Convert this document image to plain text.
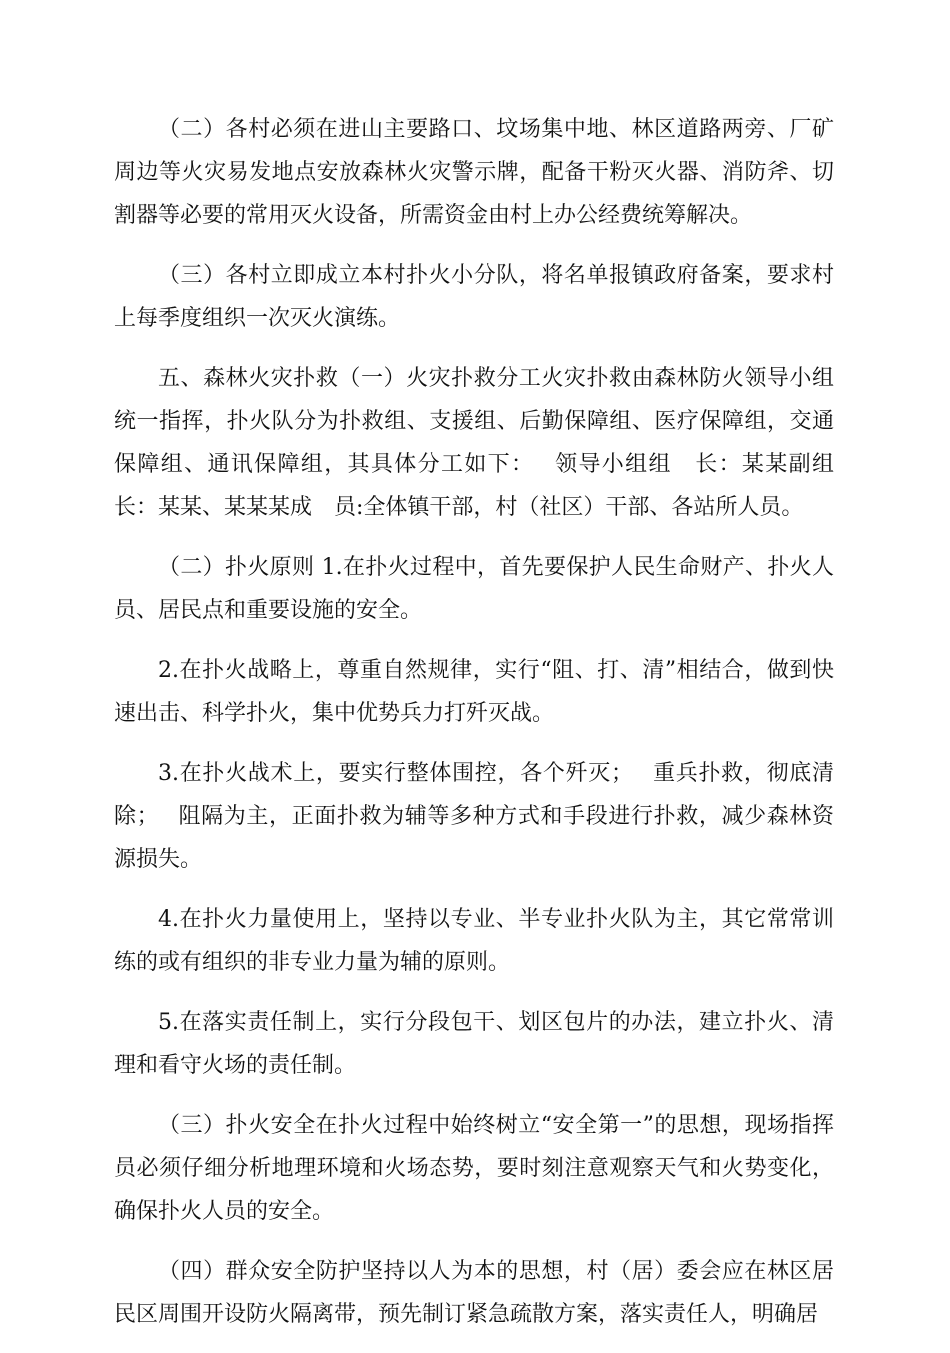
（二）各村必须在进山主要路口、坟场集中地、林区道路两旁、厂矿周边等火灾易发地点安放森林火灾警示牌，配备干粉灭火器、消防斧、切割器等必要的常用灭火设备，所需资金由村上办公经费统筹解决。

（三）各村立即成立本村扑火小分队，将名单报镇政府备案，要求村上每季度组织一次灭火演练。

五、森林火灾扑救（一）火灾扑救分工火灾扑救由森林防火领导小组统一指挥，扑火队分为扑救组、支援组、后勤保障组、医疗保障组，交通保障组、通讯保障组，其具体分工如下：　 领导小组组　长：某某副组长：某某、某某某成　员:全体镇干部，村（社区）干部、各站所人员。

（二）扑火原则 1.在扑火过程中，首先要保护人民生命财产、扑火人员、居民点和重要设施的安全。

2.在扑火战略上，尊重自然规律，实行“阻、打、清”相结合，做到快速出击、科学扑火，集中优势兵力打歼灭战。

3.在扑火战术上，要实行整体围控，各个歼灭；　 重兵扑救，彻底清除；　 阻隔为主，正面扑救为辅等多种方式和手段进行扑救，减少森林资源损失。

4.在扑火力量使用上，坚持以专业、半专业扑火队为主，其它常常训练的或有组织的非专业力量为辅的原则。

5.在落实责任制上，实行分段包干、划区包片的办法，建立扑火、清理和看守火场的责任制。

（三）扑火安全在扑火过程中始终树立“安全第一”的思想，现场指挥员必须仔细分析地理环境和火场态势，要时刻注意观察天气和火势变化，确保扑火人员的安全。

（四）群众安全防护坚持以人为本的思想，村（居）委会应在林区居民区周围开设防火隔离带，预先制订紧急疏散方案，落实责任人，明确居
